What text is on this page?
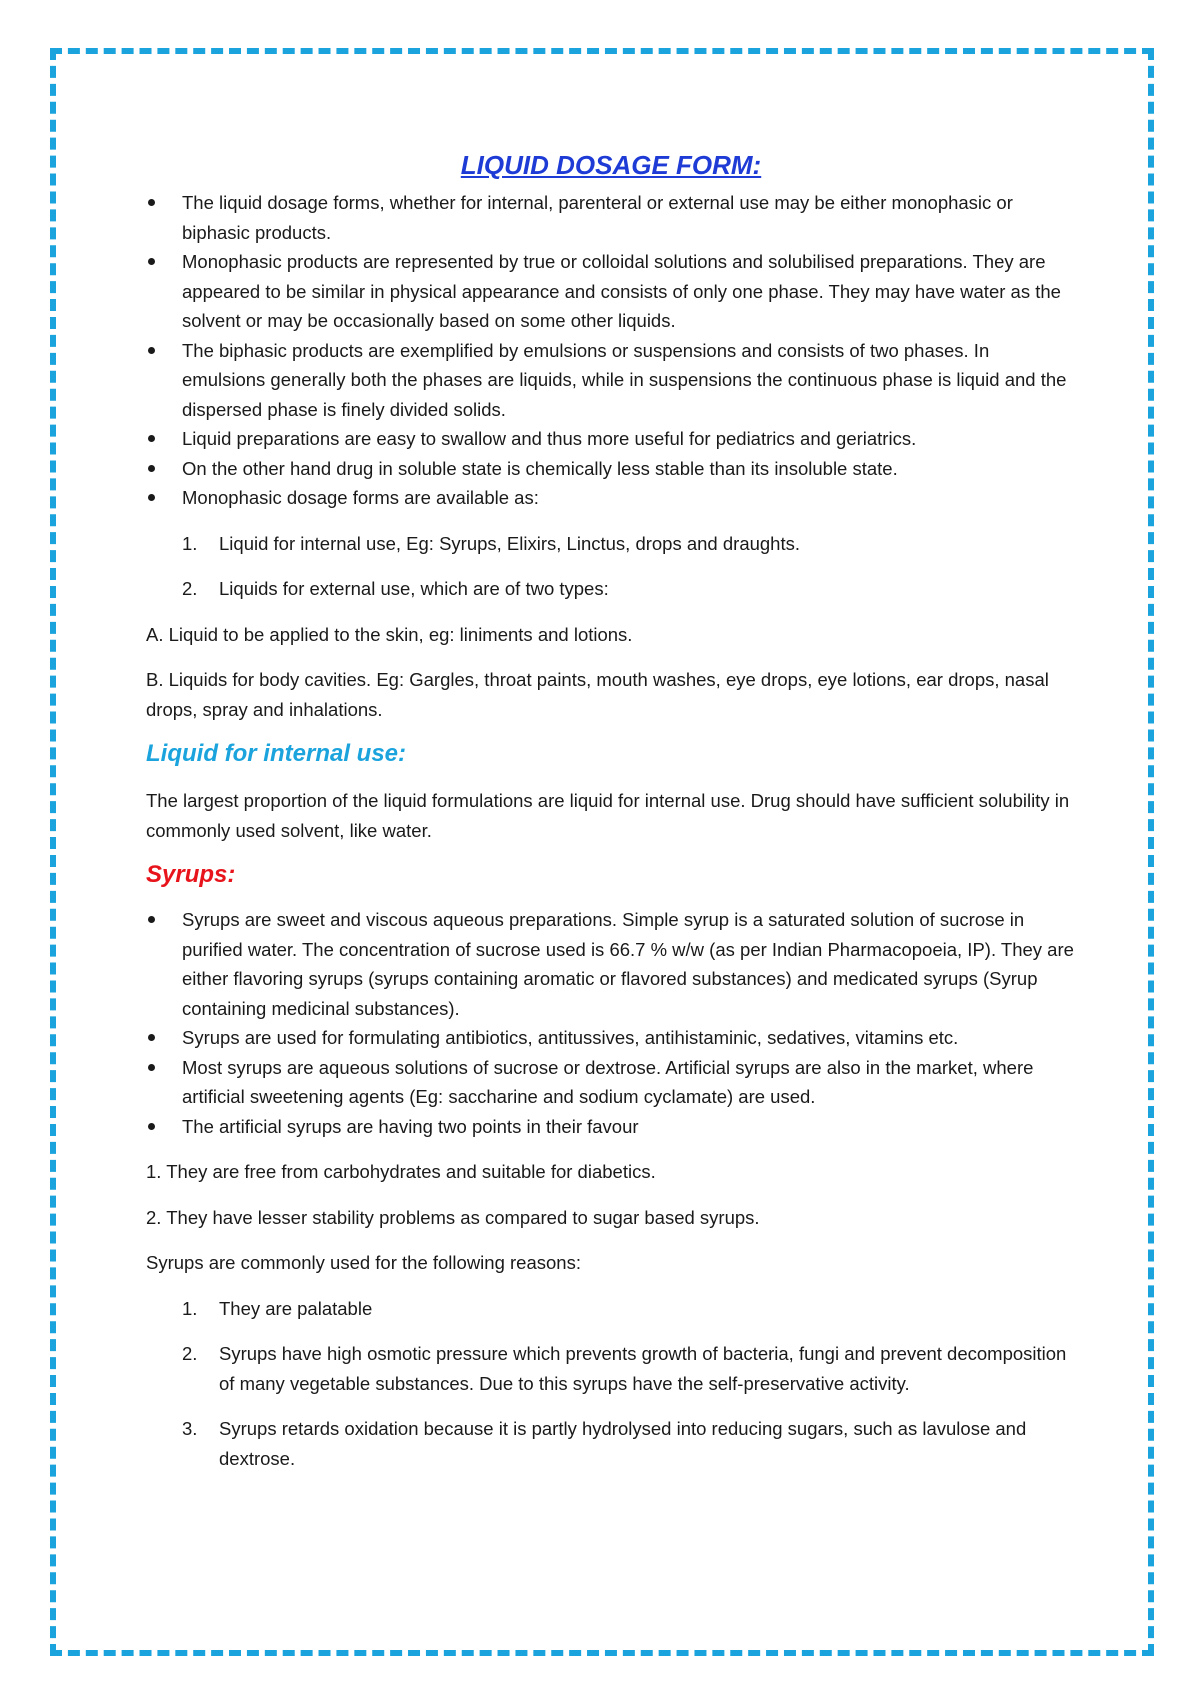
LIQUID DOSAGE FORM:
The liquid dosage forms, whether for internal, parenteral or external use may be either monophasic or biphasic products.
Monophasic products are represented by true or colloidal solutions and solubilised preparations. They are appeared to be similar in physical appearance and consists of only one phase. They may have water as the solvent or may be occasionally based on some other liquids.
The biphasic products are exemplified by emulsions or suspensions and consists of two phases. In emulsions generally both the phases are liquids, while in suspensions the continuous phase is liquid and the dispersed phase is finely divided solids.
Liquid preparations are easy to swallow and thus more useful for pediatrics and geriatrics.
On the other hand drug in soluble state is chemically less stable than its insoluble state.
Monophasic dosage forms are available as:
1. Liquid for internal use, Eg: Syrups, Elixirs, Linctus, drops and draughts.
2. Liquids for external use, which are of two types:

A. Liquid to be applied to the skin, eg: liniments and lotions.

B. Liquids for body cavities. Eg: Gargles, throat paints, mouth washes, eye drops, eye lotions, ear drops, nasal drops, spray and inhalations.

Liquid for internal use:

The largest proportion of the liquid formulations are liquid for internal use. Drug should have sufficient solubility in commonly used solvent, like water.

Syrups:
Syrups are sweet and viscous aqueous preparations. Simple syrup is a saturated solution of sucrose in purified water. The concentration of sucrose used is 66.7 % w/w (as per Indian Pharmacopoeia, IP). They are either flavoring syrups (syrups containing aromatic or flavored substances) and medicated syrups (Syrup containing medicinal substances).
Syrups are used for formulating antibiotics, antitussives, antihistaminic, sedatives, vitamins etc.
Most syrups are aqueous solutions of sucrose or dextrose. Artificial syrups are also in the market, where artificial sweetening agents (Eg: saccharine and sodium cyclamate) are used.
The artificial syrups are having two points in their favour

1. They are free from carbohydrates and suitable for diabetics.

2. They have lesser stability problems as compared to sugar based syrups.

Syrups are commonly used for the following reasons:

1. They are palatable
2. Syrups have high osmotic pressure which prevents growth of bacteria, fungi and prevent decomposition of many vegetable substances. Due to this syrups have the self-preservative activity.
3. Syrups retards oxidation because it is partly hydrolysed into reducing sugars, such as lavulose and dextrose.
